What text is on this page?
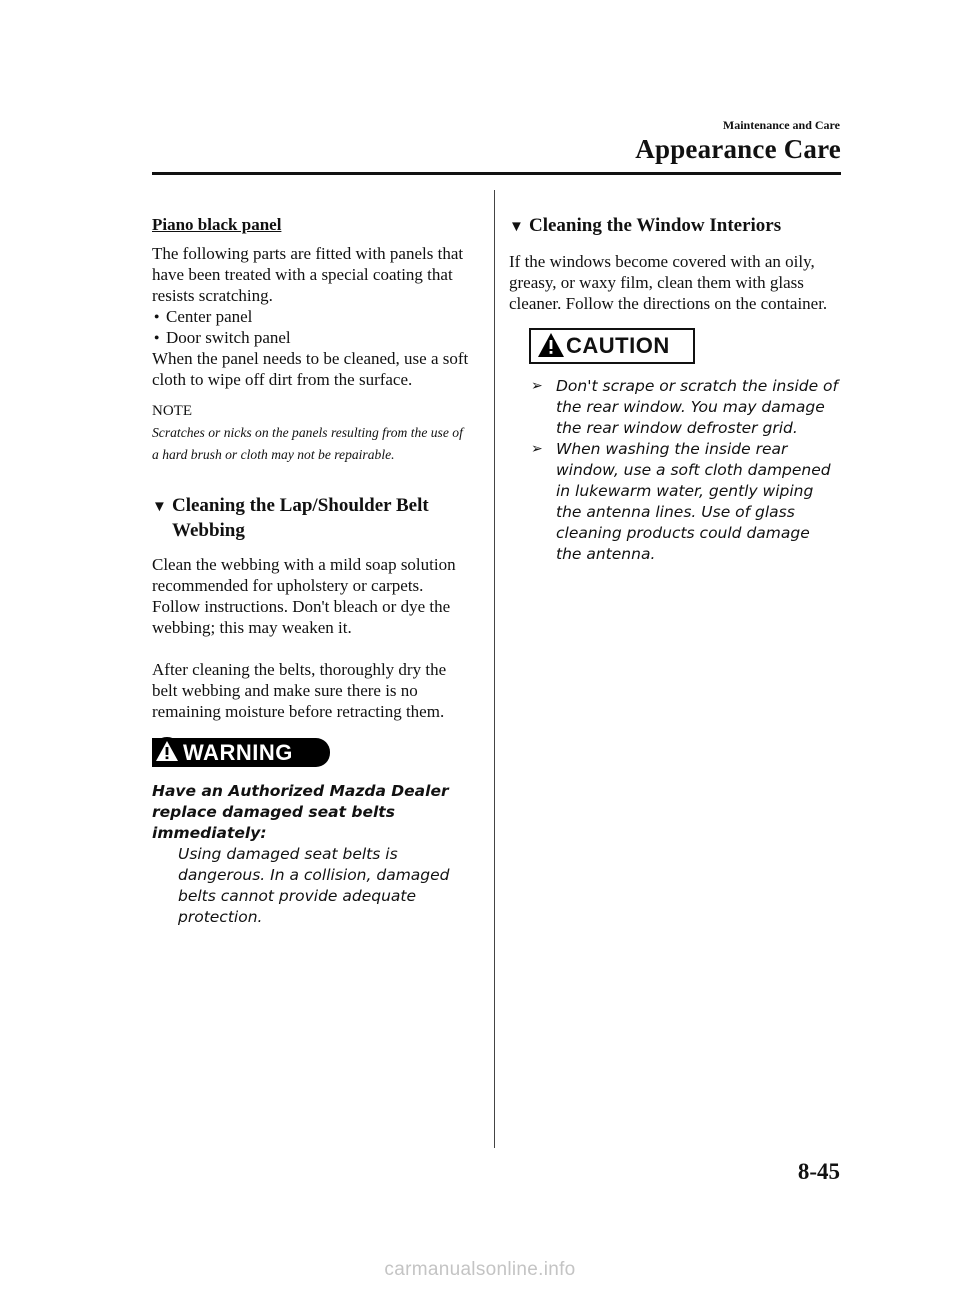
Maintenance and Care
Appearance Care
Piano black panel

The following parts are fitted with panels that have been treated with a special coating that resists scratching.

● Center panel
● Door switch panel

When the panel needs to be cleaned, use a soft cloth to wipe off dirt from the surface.

NOTE
Scratches or nicks on the panels resulting from the use of a hard brush or cloth may not be repairable.
▼ Cleaning the Lap/Shoulder Belt Webbing

Clean the webbing with a mild soap solution recommended for upholstery or carpets. Follow instructions. Don't bleach or dye the webbing; this may weaken it.

After cleaning the belts, thoroughly dry the belt webbing and make sure there is no remaining moisture before retracting them.

WARNING
Have an Authorized Mazda Dealer replace damaged seat belts immediately:
Using damaged seat belts is dangerous. In a collision, damaged belts cannot provide adequate protection.
▼ Cleaning the Window Interiors

If the windows become covered with an oily, greasy, or waxy film, clean them with glass cleaner. Follow the directions on the container.

CAUTION
➢ Don't scrape or scratch the inside of the rear window. You may damage the rear window defroster grid.
➢ When washing the inside rear window, use a soft cloth dampened in lukewarm water, gently wiping the antenna lines. Use of glass cleaning products could damage the antenna.
8-45
carmanualsonline.info
